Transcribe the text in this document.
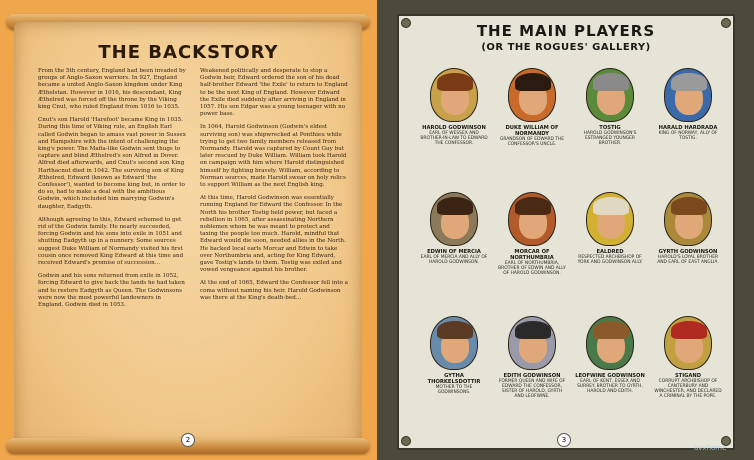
THE BACKSTORY

From the 5th century, England had been invaded by groups of Anglo-Saxon warriors. In 927, England became a united Anglo-Saxon kingdom under King Æthelstan. However in 1016, his descendant, King Æthelred was forced off the throne by the Viking king Cnut, who ruled England from 1016 to 1035.

Cnut's son Harold 'Harefoot' became King in 1035. During this time of Viking rule, an English Earl called Godwin began to amass vast power in Sussex and Hampshire with the intent of challenging the king's power. The Mafia-like Godwin sent thugs to capture and blind Æthelred's son Alfred in Dover. Alfred died afterwards, and Cnut's second son King Harthacnut died in 1042. The surviving son of King Æthelred, Edward (known as Edward 'the Confessor'), wanted to become king but, in order to do so, had to make a deal with the ambitious Godwin, which included him marrying Godwin's daughter, Eadgyth.

Although agreeing to this, Edward schemed to get rid of the Godwin family. He nearly succeeded, forcing Godwin and his sons into exile in 1051 and shutting Eadgyth up in a nunnery. Some sources suggest Duke William of Normandy visited his first cousin once removed King Edward at this time and received Edward's promise of succession...

Godwin and his sons returned from exile in 1052, forcing Edward to give back the lands he had taken and to restore Eadgyth as Queen. The Godwinsons were now the most powerful landowners in England. Godwin died in 1053.

Weakened politically and desperate to stop a Godwin heir, Edward ordered the son of his dead half-brother Edward 'the Exile' to return to England to be the next King of England. However Edward the Exile died suddenly after arriving in England in 1057. His son Edgar was a young teenager with no power base.

In 1064, Harold Godwinson (Godwin's eldest surviving son) was shipwrecked at Ponthieu while trying to get two family members released from Normandy. Harold was captured by Count Guy but later rescued by Duke William. William took Harold on campaign with him where Harold distinguished himself by fighting bravely. William, according to Norman sources, made Harold swear on holy relics to support William as the next English king.

At this time, Harold Godwinson was essentially running England for Edward the Confessor. In the North his brother Tostig held power, but faced a rebellion in 1065, after assassinating Northern noblemen whom he was meant to protect and taxing the people too much. Harold, mindful that Edward would die soon, needed allies in the North. He backed local earls Morcar and Edwin to take over Northumbria and, acting for King Edward, gave Tostig's lands to them. Tostig was exiled and vowed vengeance against his brother.

At the end of 1065, Edward the Confessor fell into a coma without naming his heir. Harold Godwinson was there at the King's death-bed...

2
THE MAIN PLAYERS
(OR THE ROGUES' GALLERY)
HAROLD GODWINSON
EARL OF WESSEX AND BROTHER-IN-LAW TO EDWARD THE CONFESSOR.
DUKE WILLIAM OF NORMANDY
GRANDSON OF EDWARD THE CONFESSOR'S UNCLE.
TOSTIG
HAROLD GODWINSON'S ESTRANGED YOUNGER BROTHER.
HARALD HARDRADA
KING OF NORWAY, ALLY OF TOSTIG.
EDWIN OF MERCIA
EARL OF MERCIA AND ALLY OF HAROLD GODWINSON.
MORCAR OF NORTHUMBRIA
EARL OF NORTHUMBRIA, BROTHER OF EDWIN AND ALLY OF HAROLD GODWINSON.
EALDRED
RESPECTED ARCHBISHOP OF YORK AND GODWINSON ALLY.
GYRTH GODWINSON
HAROLD'S LOYAL BROTHER AND EARL OF EAST ANGLIA.
GYTHA THORKELSDOTTIR
MOTHER TO THE GODWINSONS.
EDITH GODWINSON
FORMER QUEEN AND WIFE OF EDWARD THE CONFESSOR, SISTER OF HAROLD, GYRTH AND LEOFWINE.
LEOFWINE GODWINSON
EARL OF KENT, ESSEX AND SURREY. BROTHER TO GYRTH, HAROLD AND EDITH.
STIGAND
CORRUPT ARCHBISHOP OF CANTERBURY AND WINCHESTER, AND DECLARED A CRIMINAL BY THE POPE.
3
avxhome
